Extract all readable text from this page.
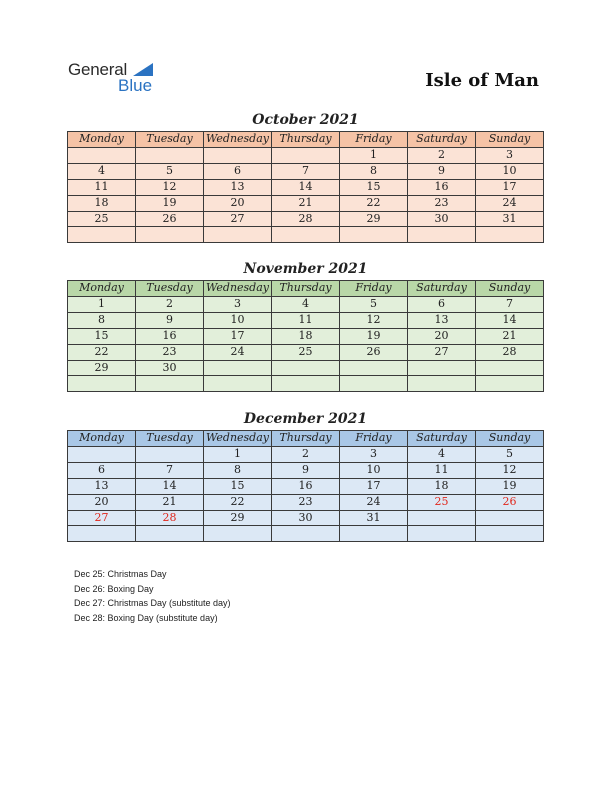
General
Blue	Isle of Man
October 2021
Monday	Tuesday	Wednesday	Thursday	Friday	Saturday	Sunday
				1	2	3
4	5	6	7	8	9	10
11	12	13	14	15	16	17
18	19	20	21	22	23	24
25	26	27	28	29	30	31

November 2021
Monday	Tuesday	Wednesday	Thursday	Friday	Saturday	Sunday
1	2	3	4	5	6	7
8	9	10	11	12	13	14
15	16	17	18	19	20	21
22	23	24	25	26	27	28
29	30					

December 2021
Monday	Tuesday	Wednesday	Thursday	Friday	Saturday	Sunday
		1	2	3	4	5
6	7	8	9	10	11	12
13	14	15	16	17	18	19
20	21	22	23	24	25	26
27	28	29	30	31		

Dec 25: Christmas Day
Dec 26: Boxing Day
Dec 27: Christmas Day (substitute day)
Dec 28: Boxing Day (substitute day)
